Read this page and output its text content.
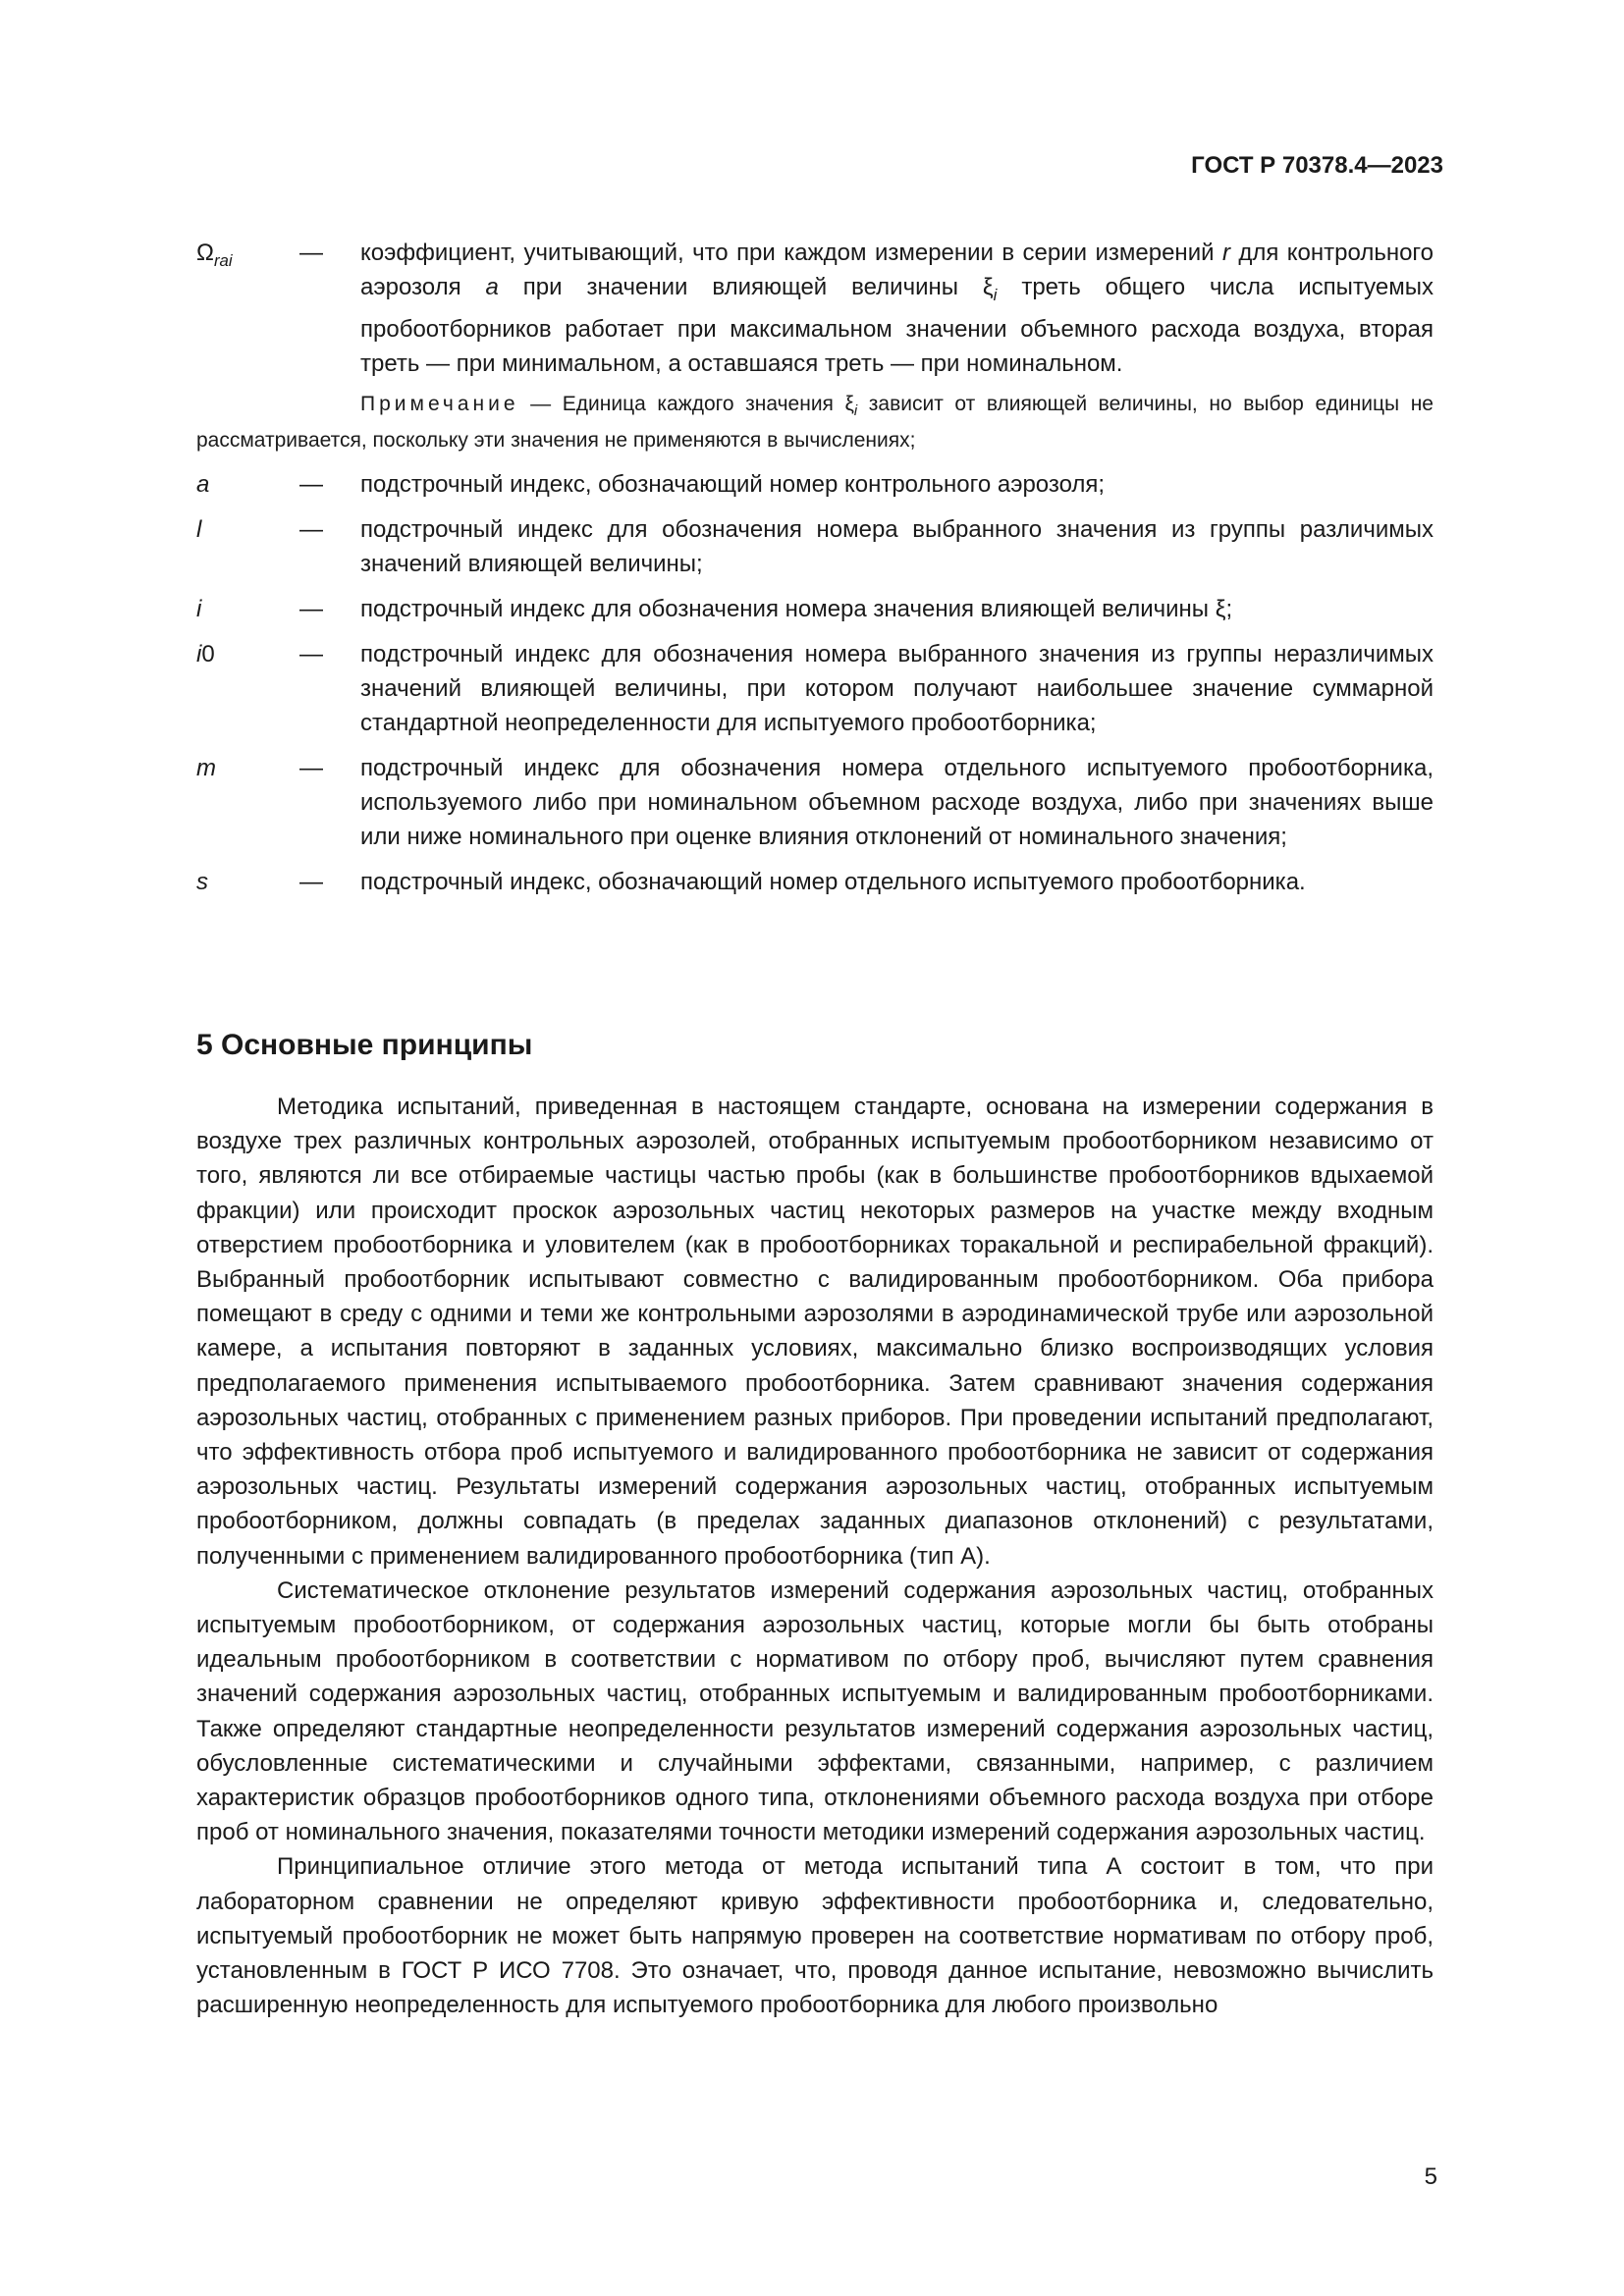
ГОСТ Р 70378.4—2023
$\Omega_{rai}$	—	коэффициент, учитывающий, что при каждом измерении в серии измерений r для контрольного аэрозоля a при значении влияющей величины $\xi_i$ треть общего числа испытуемых пробоотборников работает при максимальном значении объемного расхода воздуха, вторая треть — при минимальном, а оставшаяся треть — при номинальном.
Примечание — Единица каждого значения $\xi_i$ зависит от влияющей величины, но выбор единицы не рассматривается, поскольку эти значения не применяются в вычислениях;
a	—	подстрочный индекс, обозначающий номер контрольного аэрозоля;
l	—	подстрочный индекс для обозначения номера выбранного значения из группы различимых значений влияющей величины;
i	—	подстрочный индекс для обозначения номера значения влияющей величины ξ;
i0	—	подстрочный индекс для обозначения номера выбранного значения из группы неразличимых значений влияющей величины, при котором получают наибольшее значение суммарной стандартной неопределенности для испытуемого пробоотборника;
m	—	подстрочный индекс для обозначения номера отдельного испытуемого пробоотборника, используемого либо при номинальном объемном расходе воздуха, либо при значениях выше или ниже номинального при оценке влияния отклонений от номинального значения;
s	—	подстрочный индекс, обозначающий номер отдельного испытуемого пробоотборника.
5 Основные принципы

Методика испытаний, приведенная в настоящем стандарте, основана на измерении содержания в воздухе трех различных контрольных аэрозолей, отобранных испытуемым пробоотборником независимо от того, являются ли все отбираемые частицы частью пробы (как в большинстве пробоотборников вдыхаемой фракции) или происходит проскок аэрозольных частиц некоторых размеров на участке между входным отверстием пробоотборника и уловителем (как в пробоотборниках торакальной и респирабельной фракций). Выбранный пробоотборник испытывают совместно с валидированным пробоотборником. Оба прибора помещают в среду с одними и теми же контрольными аэрозолями в аэродинамической трубе или аэрозольной камере, а испытания повторяют в заданных условиях, максимально близко воспроизводящих условия предполагаемого применения испытываемого пробоотборника. Затем сравнивают значения содержания аэрозольных частиц, отобранных с применением разных приборов. При проведении испытаний предполагают, что эффективность отбора проб испытуемого и валидированного пробоотборника не зависит от содержания аэрозольных частиц. Результаты измерений содержания аэрозольных частиц, отобранных испытуемым пробоотборником, должны совпадать (в пределах заданных диапазонов отклонений) с результатами, полученными с применением валидированного пробоотборника (тип А).

Систематическое отклонение результатов измерений содержания аэрозольных частиц, отобранных испытуемым пробоотборником, от содержания аэрозольных частиц, которые могли бы быть отобраны идеальным пробоотборником в соответствии с нормативом по отбору проб, вычисляют путем сравнения значений содержания аэрозольных частиц, отобранных испытуемым и валидированным пробоотборниками. Также определяют стандартные неопределенности результатов измерений содержания аэрозольных частиц, обусловленные систематическими и случайными эффектами, связанными, например, с различием характеристик образцов пробоотборников одного типа, отклонениями объемного расхода воздуха при отборе проб от номинального значения, показателями точности методики измерений содержания аэрозольных частиц.

Принципиальное отличие этого метода от метода испытаний типа А состоит в том, что при лабораторном сравнении не определяют кривую эффективности пробоотборника и, следовательно, испытуемый пробоотборник не может быть напрямую проверен на соответствие нормативам по отбору проб, установленным в ГОСТ Р ИСО 7708. Это означает, что, проводя данное испытание, невозможно вычислить расширенную неопределенность для испытуемого пробоотборника для любого произвольно

5
